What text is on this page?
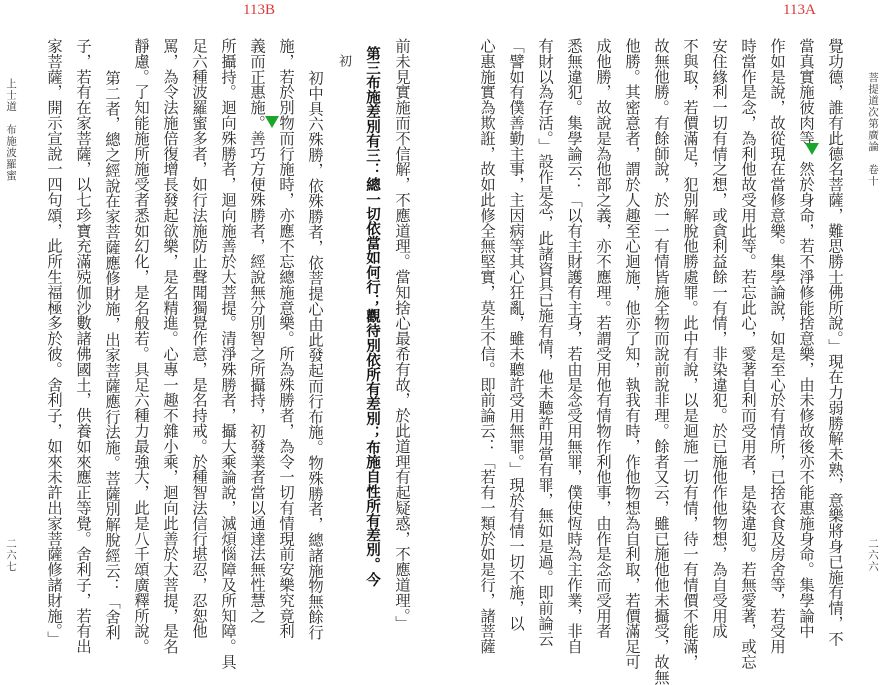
113B
上士道　布施波羅蜜
二六七	前未見實施而不信解，不應道理。當知捨心最希有故，於此道理有起疑惑，不應道理。」
第三布施差別有三：總一切依當如何行；觀待別依所有差別；布施自性所有差別。
今
初
初中具六殊勝，依殊勝者，依菩提心由此發起而行布施。物殊勝者，總諸施物無餘行
施，若於別物而行施時，亦應不忘總施意樂。所為殊勝者，為令一切有情現前安樂究竟利
義而正惠施。善巧方便殊勝者，經說無分別智之所攝持，初發業者當以通達法無性慧之
所攝持。迴向殊勝者，迴向施善於大菩提。清淨殊勝者，攝大乘論說，滅煩惱障及所知障。具
足六種波羅蜜多者，如行法施防止聲聞獨覺作意，是名持戒。於種智法信行堪忍，忍恕他
罵，為令法施倍復增長發起欲樂，是名精進。心專一趣不雜小乘，迴向此善於大菩提，是名
靜慮。了知能施所施受者悉如幻化，是名般若。具足六種力最強大，此是八千頌廣釋所說。
第二者，總之經說在家菩薩應修財施，出家菩薩應行法施。菩薩別解脫經云：「舍利
子，若有在家菩薩，以七珍寶充滿殑伽沙數諸佛國土，供養如來應正等覺。舍利子，若有出
家菩薩，開示宣說一四句頌，此所生福極多於彼。舍利子，如來未許出家菩薩修諸財施。」
113A
菩提道次第廣論　卷十
二六六
覺功德，誰有此德名菩薩，難思勝士佛所說。」現在力弱勝解未熟，意樂將身已施有情，不
當真實施彼肉等，然於身命，若不淨修能捨意樂，由未修故後亦不能惠施身命。集學論中
作如是說，故從現在當修意樂。集學論說，如是至心於有情所，已捨衣食及房舍等，若受用
時當作是念，為利他故受用此等。若忘此心，愛著自利而受用者，是染違犯。若無愛著，或忘
安住緣利一切有情之想，或貪利益餘一有情，非染違犯。於已施他作他物想，為自受用成
不與取，若價滿足，犯別解脫他勝處罪。此中有說，以是迴施一切有情，待一有情價不能滿，
故無他勝。有餘師說，於一一有情皆施全物而說前說非理。餘者又云，雖已施他他未攝受，故無
他勝。其密意者，謂於人趣至心迴施，他亦了知，執我有時，作他物想為自利取，若價滿足可
成他勝，故說是為他部之義，亦不應理。若謂受用他有情物作利他事，由作是念而受用者
悉無違犯。集學論云：「以有主財護有主身，若由是念受用無罪，僕使恆時為主作業，非自
有財以為存活。」設作是念，此諸資具已施有情，他未聽許用當有罪，無如是過。即前論云
「譬如有僕善勤主事，主因病等其心狂亂，雖未聽許受用無罪。」現於有情一切不施，以
心惠施實為欺誑，故如此修全無堅實，莫生不信。即前論云：「若有一類於如是行，諸菩薩
